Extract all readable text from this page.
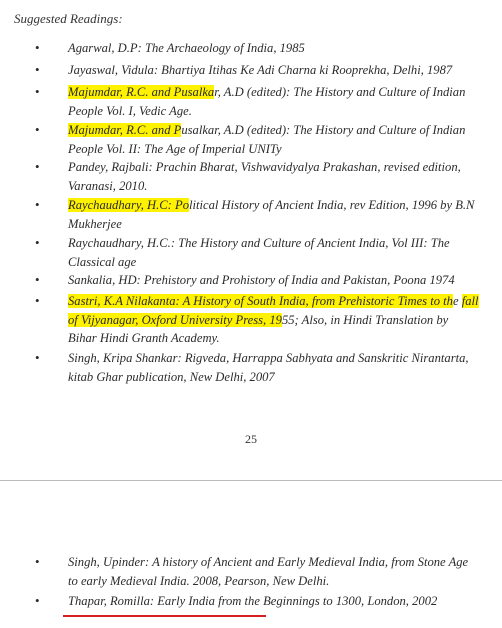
Suggested Readings:
•	Agarwal, D.P: The Archaeology of India, 1985
•	Jayaswal, Vidula: Bhartiya Itihas Ke Adi Charna ki Rooprekha, Delhi, 1987
•	Majumdar, R.C. and Pusalkar, A.D (edited): The History and Culture of Indian People Vol. I, Vedic Age.
•	Majumdar, R.C. and Pusalkar, A.D (edited): The History and Culture of Indian People Vol. II: The Age of Imperial UNITy
•	Pandey, Rajbali: Prachin Bharat, Vishwavidyalya Prakashan, revised edition, Varanasi, 2010.
•	Raychaudhary, H.C: Political History of Ancient India, rev Edition, 1996 by B.N Mukherjee
•	Raychaudhary, H.C.: The History and Culture of Ancient India, Vol III: The Classical age
•	Sankalia, HD: Prehistory and Prohistory of India and Pakistan, Poona 1974
•	Sastri, K.A Nilakanta: A History of South India, from Prehistoric Times to the fall of Vijyanagar, Oxford University Press, 1955; Also, in Hindi Translation by Bihar Hindi Granth Academy.
•	Singh, Kripa Shankar: Rigveda, Harrappa Sabhyata and Sanskritic Nirantarta, kitab Ghar publication, New Delhi, 2007
25
•	Singh, Upinder: A history of Ancient and Early Medieval India, from Stone Age to early Medieval India. 2008, Pearson, New Delhi.
•	Thapar, Romilla: Early India from the Beginnings to 1300, London, 2002
